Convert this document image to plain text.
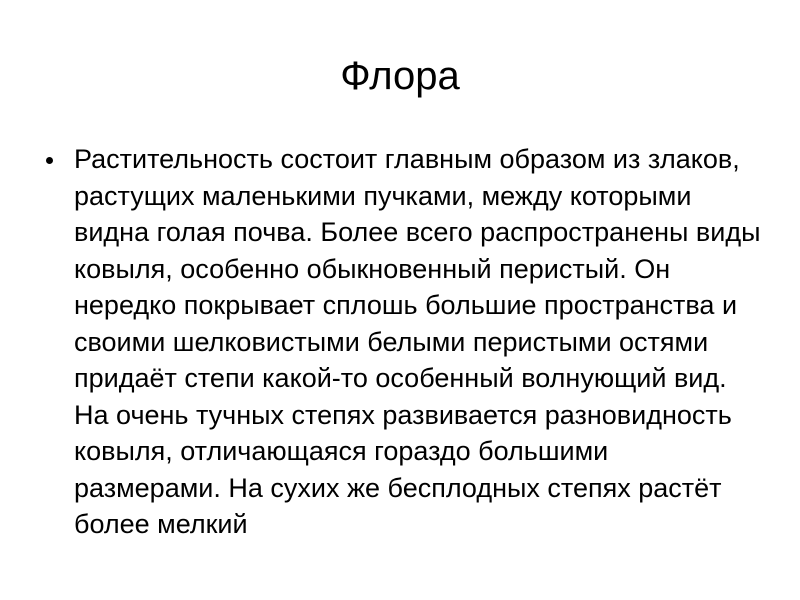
Флора
Растительность состоит главным образом из злаков, растущих маленькими пучками, между которыми видна голая почва. Более всего распространены виды ковыля, особенно обыкновенный перистый. Он нередко покрывает сплошь большие пространства и своими шелковистыми белыми перистыми остями придаёт степи какой-то особенный волнующий вид. На очень тучных степях развивается разновидность ковыля, отличающаяся гораздо большими размерами. На сухих же бесплодных степях растёт более мелкий
